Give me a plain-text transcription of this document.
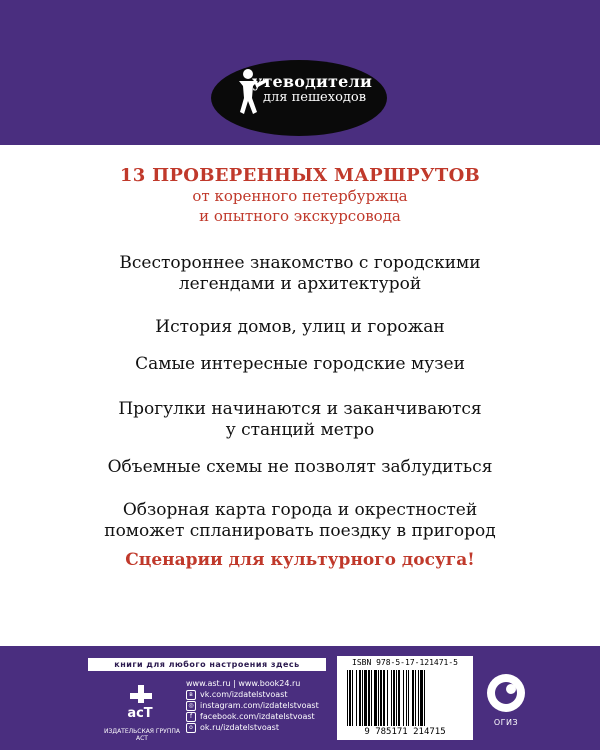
утеводители
для пешеходов
13 ПРОВЕРЕННЫХ МАРШРУТОВ
от коренного петербуржца
и опытного экскурсовода
Всестороннее знакомство с городскими
легендами и архитектурой
История домов, улиц и горожан
Самые интересные городские музеи
Прогулки начинаются и заканчиваются
у станций метро
Объемные схемы не позволят заблудиться
Обзорная карта города и окрестностей
поможет спланировать поездку в пригород
Сценарии для культурного досуга!
книги для любого настроения здесь
acT
ИЗДАТЕЛЬСКАЯ ГРУППА АСТ
www.ast.ru | www.book24.ru
в vk.com/izdatelstvoast
◎ instagram.com/izdatelstvoast
f facebook.com/izdatelstvoast
о ok.ru/izdatelstvoast
ISBN 978-5-17-121471-5
9 785171 214715
ОГИЗ
